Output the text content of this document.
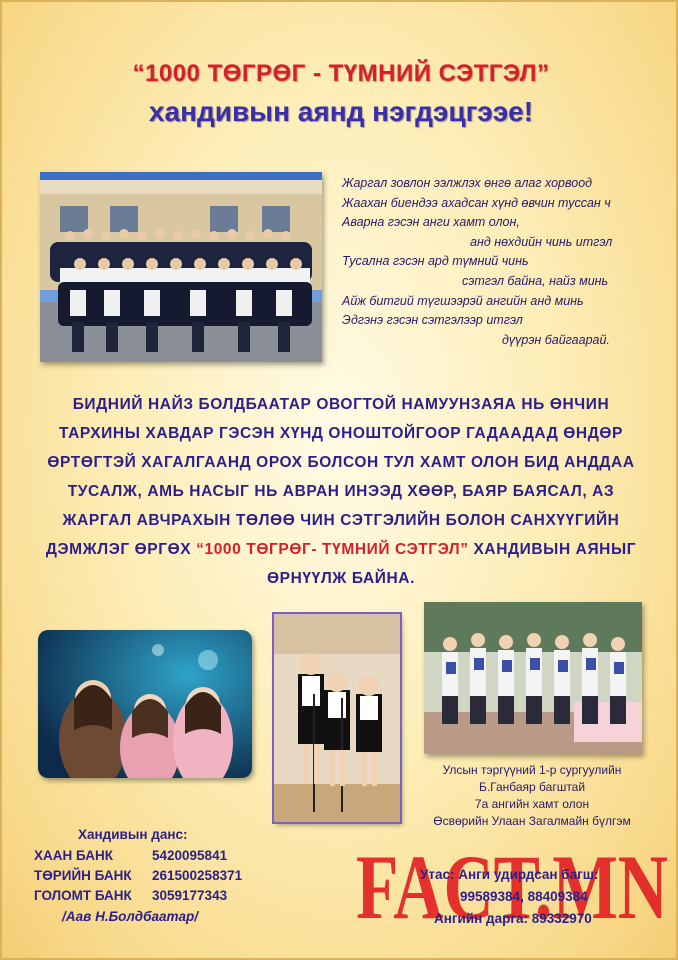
“1000 ТӨГРӨГ - ТҮМНИЙ СЭТГЭЛ”
хандивын аянд нэгдэцгээе!
Жаргал зовлон ээлжлэх өнгө алаг хорвоод
Жаахан биендээ ахадсан хүнд өвчин туссан ч
Аварна гэсэн анги хамт олон,
анд нөхдийн чинь итгэл
Тусална гэсэн ард түмний чинь
сэтгэл байна, найз минь
Айж битгий түгшээрэй ангийн анд минь
Эдгэнэ гэсэн сэтгэлээр итгэл
дүүрэн байгаарай.
БИДНИЙ НАЙЗ БОЛДБААТАР ОВОГТОЙ НАМУУНЗАЯА НЬ ӨНЧИН ТАРХИНЫ ХАВДАР ГЭСЭН ХҮНД ОНОШТОЙГООР ГАДААДАД ӨНДӨР ӨРТӨГТЭЙ ХАГАЛГААНД ОРОХ БОЛСОН ТУЛ ХАМТ ОЛОН БИД АНДДАА ТУСАЛЖ, АМЬ НАСЫГ НЬ АВРАН ИНЭЭД ХӨӨР, БАЯР БАЯСАЛ, АЗ ЖАРГАЛ АВЧРАХЫН ТӨЛӨӨ ЧИН СЭТГЭЛИЙН БОЛОН САНХҮҮГИЙН ДЭМЖЛЭГ ӨРГӨХ “1000 ТӨГРӨГ- ТҮМНИЙ СЭТГЭЛ” ХАНДИВЫН АЯНЫГ ӨРНҮҮЛЖ БАЙНА.
Улсын тэргүүний 1-р сургуулийн
Б.Ганбаяр багштай
7а ангийн хамт олон
Өсвөрийн Улаан Загалмайн бүлгэм
Хандивын данс:
ХААН БАНК	5420095841
ТӨРИЙН БАНК 261500258371
ГОЛОМТ БАНК 3059177343
/Аав Н.Болдбаатар/	FACT.MN
Утас: Анги удирдсан багш:
99589384, 88409384
Ангийн дарга: 89332970
